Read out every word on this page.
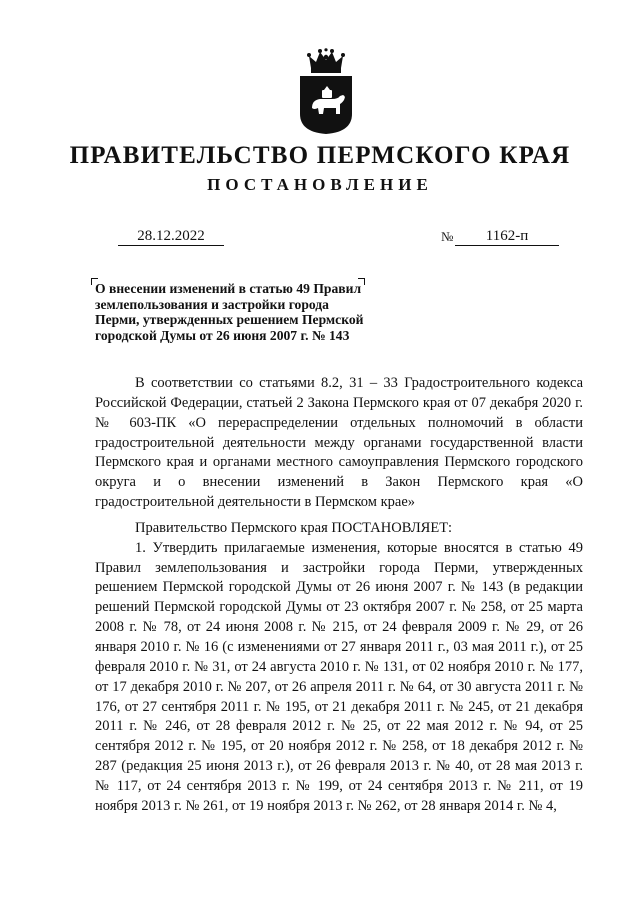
ПРАВИТЕЛЬСТВО ПЕРМСКОГО КРАЯ
ПОСТАНОВЛЕНИЕ
28.12.2022	№	1162-п
О внесении изменений в статью 49 Правил
землепользования и застройки города
Перми, утвержденных решением Пермской
городской Думы от 26 июня 2007 г. № 143

В соответствии со статьями 8.2, 31 – 33 Градостроительного кодекса Российской Федерации, статьей 2 Закона Пермского края от 07 декабря 2020 г. № 603-ПК «О перераспределении отдельных полномочий в области градостроительной деятельности между органами государственной власти Пермского края и органами местного самоуправления Пермского городского округа и о внесении изменений в Закон Пермского края «О градостроительной деятельности в Пермском крае»

Правительство Пермского края ПОСТАНОВЛЯЕТ:

1. Утвердить прилагаемые изменения, которые вносятся в статью 49 Правил землепользования и застройки города Перми, утвержденных решением Пермской городской Думы от 26 июня 2007 г. № 143 (в редакции решений Пермской городской Думы от 23 октября 2007 г. № 258, от 25 марта 2008 г. № 78, от 24 июня 2008 г. № 215, от 24 февраля 2009 г. № 29, от 26 января 2010 г. № 16 (с изменениями от 27 января 2011 г., 03 мая 2011 г.), от 25 февраля 2010 г. № 31, от 24 августа 2010 г. № 131, от 02 ноября 2010 г. № 177, от 17 декабря 2010 г. № 207, от 26 апреля 2011 г. № 64, от 30 августа 2011 г. № 176, от 27 сентября 2011 г. № 195, от 21 декабря 2011 г. № 245, от 21 декабря 2011 г. № 246, от 28 февраля 2012 г. № 25, от 22 мая 2012 г. № 94, от 25 сентября 2012 г. № 195, от 20 ноября 2012 г. № 258, от 18 декабря 2012 г. № 287 (редакция 25 июня 2013 г.), от 26 февраля 2013 г. № 40, от 28 мая 2013 г. № 117, от 24 сентября 2013 г. № 199, от 24 сентября 2013 г. № 211, от 19 ноября 2013 г. № 261, от 19 ноября 2013 г. № 262, от 28 января 2014 г. № 4,
